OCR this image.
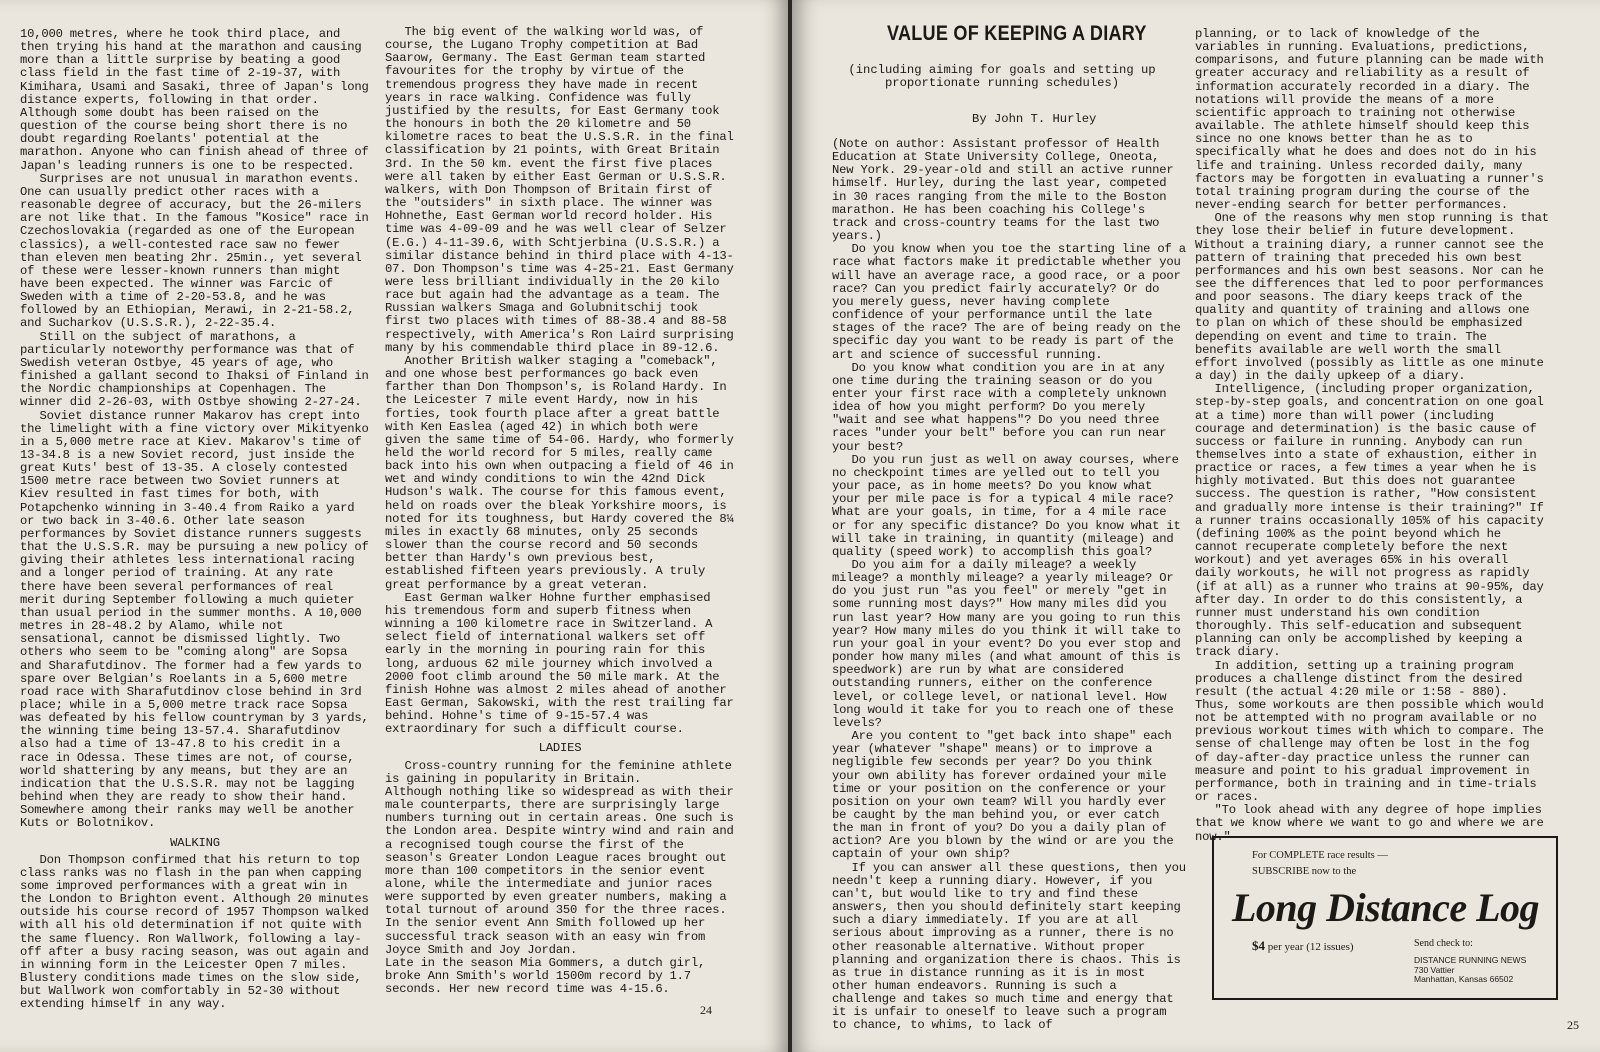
10,000 metres, where he took third place, and then trying his hand at the marathon and causing more than a little surprise by beating a good class field in the fast time of 2-19-37, with Kimihara, Usami and Sasaki, three of Japan's long distance experts, following in that order. Although some doubt has been raised on the question of the course being short there is no doubt regarding Roelants' potential at the marathon. Anyone who can finish ahead of three of Japan's leading runners is one to be respected.

Surprises are not unusual in marathon events. One can usually predict other races with a reasonable degree of accuracy, but the 26-milers are not like that. In the famous "Kosice" race in Czechoslovakia (regarded as one of the European classics), a well-contested race saw no fewer than eleven men beating 2hr. 25min., yet several of these were lesser-known runners than might have been expected. The winner was Farcic of Sweden with a time of 2-20-53.8, and he was followed by an Ethiopian, Merawi, in 2-21-58.2, and Sucharkov (U.S.S.R.), 2-22-35.4.

Still on the subject of marathons, a particularly noteworthy performance was that of Swedish veteran Ostbye, 45 years of age, who finished a gallant second to Ihaksi of Finland in the Nordic championships at Copenhagen. The winner did 2-26-03, with Ostbye showing 2-27-24.

Soviet distance runner Makarov has crept into the limelight with a fine victory over Mikityenko in a 5,000 metre race at Kiev. Makarov's time of 13-34.8 is a new Soviet record, just inside the great Kuts' best of 13-35. A closely contested 1500 metre race between two Soviet runners at Kiev resulted in fast times for both, with Potapchenko winning in 3-40.4 from Raiko a yard or two back in 3-40.6. Other late season performances by Soviet distance runners suggests that the U.S.S.R. may be pursuing a new policy of giving their athletes less international racing and a longer period of training. At any rate there have been several performances of real merit during September following a much quieter than usual period in the summer months. A 10,000 metres in 28-48.2 by Alamo, while not sensational, cannot be dismissed lightly. Two others who seem to be "coming along" are Sopsa and Sharafutdinov. The former had a few yards to spare over Belgian's Roelants in a 5,600 metre road race with Sharafutdinov close behind in 3rd place; while in a 5,000 metre track race Sopsa was defeated by his fellow countryman by 3 yards, the winning time being 13-57.4. Sharafutdinov also had a time of 13-47.8 to his credit in a race in Odessa. These times are not, of course, world shattering by any means, but they are an indication that the U.S.S.R. may not be lagging behind when they are ready to show their hand. Somewhere among their ranks may well be another Kuts or Bolotnikov.

WALKING

Don Thompson confirmed that his return to top class ranks was no flash in the pan when capping some improved performances with a great win in the London to Brighton event. Although 20 minutes outside his course record of 1957 Thompson walked with all his old determination if not quite with the same fluency. Ron Wallwork, following a lay-off after a busy racing season, was out again and in winning form in the Leicester Open 7 miles. Blustery conditions made times on the slow side, but Wallwork won comfortably in 52-30 without extending himself in any way.

The big event of the walking world was, of course, the Lugano Trophy competition at Bad Saarow, Germany. The East German team started favourites for the trophy by virtue of the tremendous progress they have made in recent years in race walking. Confidence was fully justified by the results, for East Germany took the honours in both the 20 kilometre and 50 kilometre races to beat the U.S.S.R. in the final classification by 21 points, with Great Britain 3rd. In the 50 km. event the first five places were all taken by either East German or U.S.S.R. walkers, with Don Thompson of Britain first of the "outsiders" in sixth place. The winner was Hohnethe, East German world record holder. His time was 4-09-09 and he was well clear of Selzer (E.G.) 4-11-39.6, with Schtjerbina (U.S.S.R.) a similar distance behind in third place with 4-13-07. Don Thompson's time was 4-25-21. East Germany were less brilliant individually in the 20 kilo race but again had the advantage as a team. The Russian walkers Smaga and Golubnitschij took first two places with times of 88-38.4 and 88-58 respectively, with America's Ron Laird surprising many by his commendable third place in 89-12.6.

Another British walker staging a "comeback", and one whose best performances go back even farther than Don Thompson's, is Roland Hardy. In the Leicester 7 mile event Hardy, now in his forties, took fourth place after a great battle with Ken Easlea (aged 42) in which both were given the same time of 54-06. Hardy, who formerly held the world record for 5 miles, really came back into his own when outpacing a field of 46 in wet and windy conditions to win the 42nd Dick Hudson's walk. The course for this famous event, held on roads over the bleak Yorkshire moors, is noted for its toughness, but Hardy covered the 8¼ miles in exactly 68 minutes, only 25 seconds slower than the course record and 50 seconds better than Hardy's own previous best, established fifteen years previously. A truly great performance by a great veteran.

East German walker Hohne further emphasised his tremendous form and superb fitness when winning a 100 kilometre race in Switzerland. A select field of international walkers set off early in the morning in pouring rain for this long, arduous 62 mile journey which involved a 2000 foot climb around the 50 mile mark. At the finish Hohne was almost 2 miles ahead of another East German, Sakowski, with the rest trailing far behind. Hohne's time of 9-15-57.4 was extraordinary for such a difficult course.

LADIES

Cross-country running for the feminine athlete is gaining in popularity in Britain.

Although nothing like so widespread as with their male counterparts, there are surprisingly large numbers turning out in certain areas. One such is the London area. Despite wintry wind and rain and a recognised tough course the first of the season's Greater London League races brought out more than 100 competitors in the senior event alone, while the intermediate and junior races were supported by even greater numbers, making a total turnout of around 350 for the three races. In the senior event Ann Smith followed up her successful track season with an easy win from Joyce Smith and Joy Jordan.

Late in the season Mia Gommers, a dutch girl, broke Ann Smith's world 1500m record by 1.7 seconds. Her new record time was 4-15.6.

24
VALUE OF KEEPING A DIARY
(including aiming for goals and setting up proportionate running schedules)
By John T. Hurley

(Note on author: Assistant professor of Health Education at State University College, Oneota, New York. 29-year-old and still an active runner himself. Hurley, during the last year, competed in 30 races ranging from the mile to the Boston marathon. He has been coaching his College's track and cross-country teams for the last two years.)

Do you know when you toe the starting line of a race what factors make it predictable whether you will have an average race, a good race, or a poor race? Can you predict fairly accurately? Or do you merely guess, never having complete confidence of your performance until the late stages of the race? The are of being ready on the specific day you want to be ready is part of the art and science of successful running.

Do you know what condition you are in at any one time during the training season or do you enter your first race with a completely unknown idea of how you might perform? Do you merely "wait and see what happens"? Do you need three races "under your belt" before you can run near your best?

Do you run just as well on away courses, where no checkpoint times are yelled out to tell you your pace, as in home meets? Do you know what your per mile pace is for a typical 4 mile race? What are your goals, in time, for a 4 mile race or for any specific distance? Do you know what it will take in training, in quantity (mileage) and quality (speed work) to accomplish this goal?

Do you aim for a daily mileage? a weekly mileage? a monthly mileage? a yearly mileage? Or do you just run "as you feel" or merely "get in some running most days?" How many miles did you run last year? How many are you going to run this year? How many miles do you think it will take to run your goal in your event? Do you ever stop and ponder how many miles (and what amount of this is speedwork) are run by what are considered outstanding runners, either on the conference level, or college level, or national level. How long would it take for you to reach one of these levels?

Are you content to "get back into shape" each year (whatever "shape" means) or to improve a negligible few seconds per year? Do you think your own ability has forever ordained your mile time or your position on the conference or your position on your own team? Will you hardly ever be caught by the man behind you, or ever catch the man in front of you? Do you a daily plan of action? Are you blown by the wind or are you the captain of your own ship?

If you can answer all these questions, then you needn't keep a running diary. However, if you can't, but would like to try and find these answers, then you should definitely start keeping such a diary immediately. If you are at all serious about improving as a runner, there is no other reasonable alternative. Without proper planning and organization there is chaos. This is as true in distance running as it is in most other human endeavors. Running is such a challenge and takes so much time and energy that it is unfair to oneself to leave such a program to chance, to whims, to lack of

planning, or to lack of knowledge of the variables in running. Evaluations, predictions, comparisons, and future planning can be made with greater accuracy and reliability as a result of information accurately recorded in a diary. The notations will provide the means of a more scientific approach to training not otherwise available. The athlete himself should keep this since no one knows better than he as to specifically what he does and does not do in his life and training. Unless recorded daily, many factors may be forgotten in evaluating a runner's total training program during the course of the never-ending search for better performances.

One of the reasons why men stop running is that they lose their belief in future development. Without a training diary, a runner cannot see the pattern of training that preceded his own best performances and his own best seasons. Nor can he see the differences that led to poor performances and poor seasons. The diary keeps track of the quality and quantity of training and allows one to plan on which of these should be emphasized depending on event and time to train. The benefits available are well worth the small effort involved (possibly as little as one minute a day) in the daily upkeep of a diary.

Intelligence, (including proper organization, step-by-step goals, and concentration on one goal at a time) more than will power (including courage and determination) is the basic cause of success or failure in running. Anybody can run themselves into a state of exhaustion, either in practice or races, a few times a year when he is highly motivated. But this does not guarantee success. The question is rather, "How consistent and gradually more intense is their training?" If a runner trains occasionally 105% of his capacity (defining 100% as the point beyond which he cannot recuperate completely before the next workout) and yet averages 65% in his overall daily workouts, he will not progress as rapidly (if at all) as a runner who trains at 90-95%, day after day. In order to do this consistently, a runner must understand his own condition thoroughly. This self-education and subsequent planning can only be accomplished by keeping a track diary.

In addition, setting up a training program produces a challenge distinct from the desired result (the actual 4:20 mile or 1:58 - 880). Thus, some workouts are then possible which would not be attempted with no program available or no previous workout times with which to compare. The sense of challenge may often be lost in the fog of day-after-day practice unless the runner can measure and point to his gradual improvement in performance, both in training and in time-trials or races.

"To look ahead with any degree of hope implies that we know where we want to go and where we are now."

For COMPLETE race results —
SUBSCRIBE now to the
Long Distance Log
$4 per year (12 issues)	Send check to:
DISTANCE RUNNING NEWS
730 Vattier
Manhattan, Kansas 66502
25
